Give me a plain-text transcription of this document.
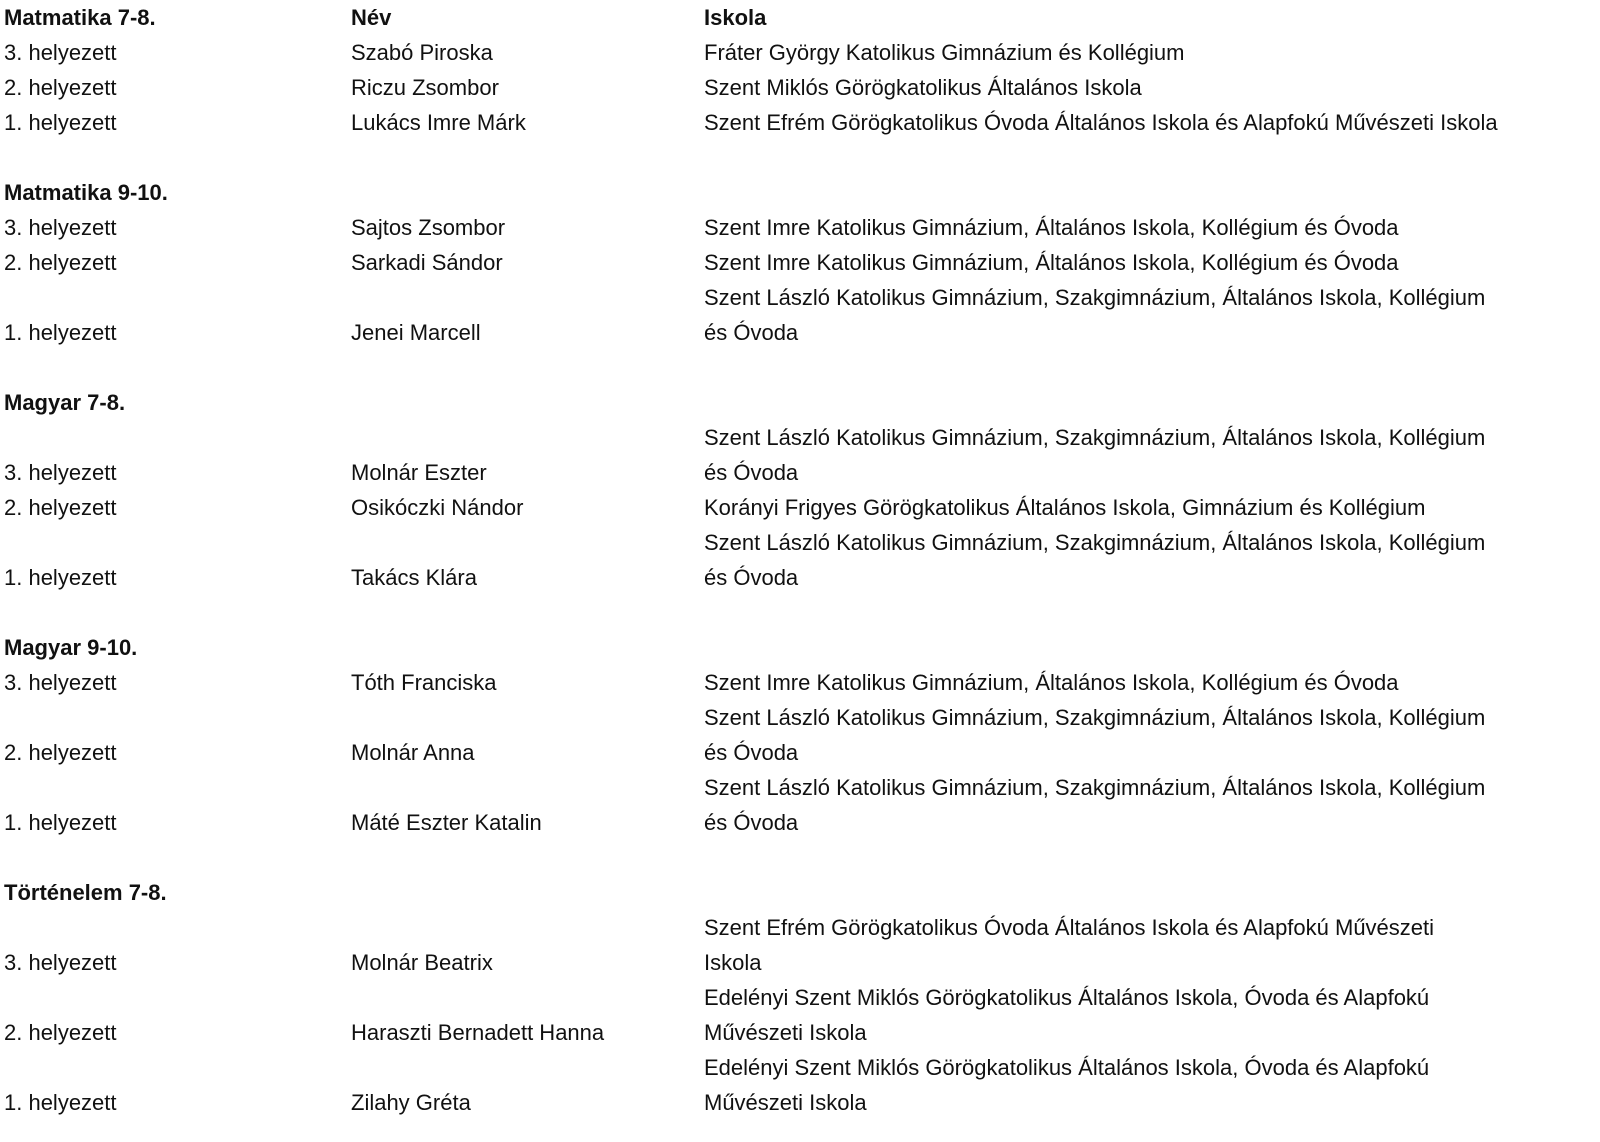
Matmatika 7-8.	Név	Iskola
3. helyezett	Szabó Piroska	Fráter György Katolikus Gimnázium és Kollégium
2. helyezett	Riczu Zsombor	Szent Miklós Görögkatolikus Általános Iskola
1. helyezett	Lukács Imre Márk	Szent Efrém Görögkatolikus Óvoda Általános Iskola és Alapfokú Művészeti Iskola
Matmatika 9-10.
3. helyezett	Sajtos Zsombor	Szent Imre Katolikus Gimnázium, Általános Iskola, Kollégium és Óvoda
2. helyezett	Sarkadi Sándor	Szent Imre Katolikus Gimnázium, Általános Iskola, Kollégium és Óvoda
1. helyezett	Jenei Marcell
Szent László Katolikus Gimnázium, Szakgimnázium, Általános Iskola, Kollégium
és Óvoda
Magyar 7-8.
3. helyezett	Molnár Eszter
Szent László Katolikus Gimnázium, Szakgimnázium, Általános Iskola, Kollégium
és Óvoda
2. helyezett	Osikóczki Nándor	Korányi Frigyes Görögkatolikus Általános Iskola, Gimnázium és Kollégium
1. helyezett	Takács Klára
Szent László Katolikus Gimnázium, Szakgimnázium, Általános Iskola, Kollégium
és Óvoda
Magyar 9-10.
3. helyezett	Tóth Franciska	Szent Imre Katolikus Gimnázium, Általános Iskola, Kollégium és Óvoda
2. helyezett	Molnár Anna
Szent László Katolikus Gimnázium, Szakgimnázium, Általános Iskola, Kollégium
és Óvoda
1. helyezett	Máté Eszter Katalin
Szent László Katolikus Gimnázium, Szakgimnázium, Általános Iskola, Kollégium
és Óvoda
Történelem 7-8.
3. helyezett	Molnár Beatrix
Szent Efrém Görögkatolikus Óvoda Általános Iskola és Alapfokú Művészeti
Iskola
2. helyezett	Haraszti Bernadett Hanna
Edelényi Szent Miklós Görögkatolikus Általános Iskola, Óvoda és Alapfokú
Művészeti Iskola
1. helyezett	Zilahy Gréta
Edelényi Szent Miklós Görögkatolikus Általános Iskola, Óvoda és Alapfokú
Művészeti Iskola
